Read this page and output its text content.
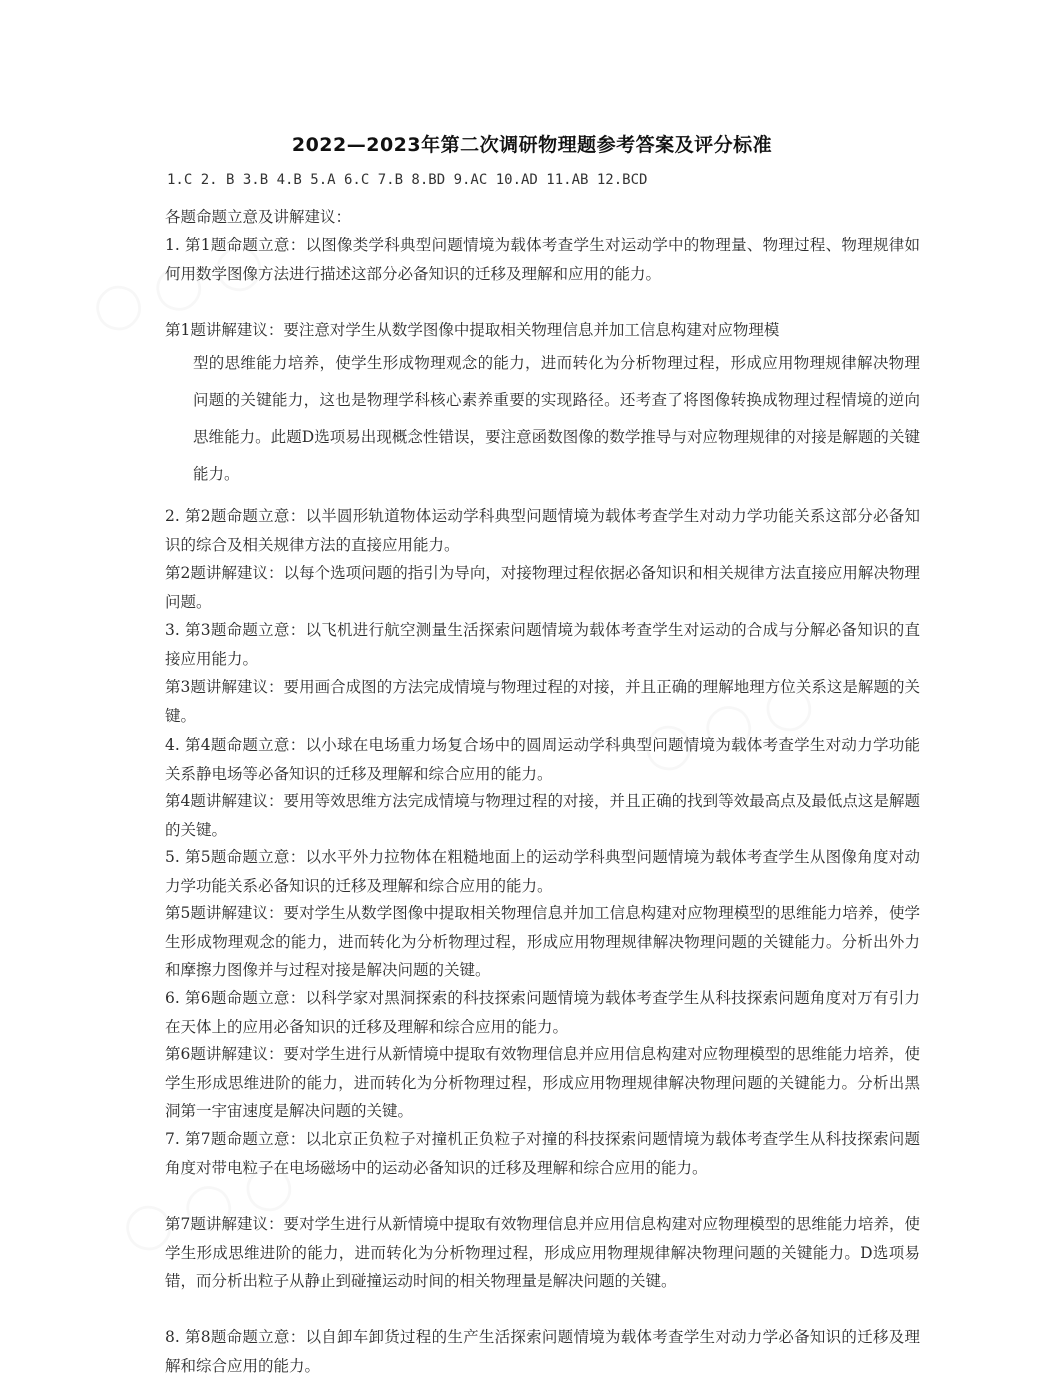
◯ ◯ ◯
◯ ◯ ◯
◯ ◯ ◯
2022—2023年第二次调研物理题参考答案及评分标准
1.C 2. B 3.B 4.B 5.A 6.C 7.B 8.BD 9.AC 10.AD 11.AB 12.BCD
各题命题立意及讲解建议：
1. 第1题命题立意：以图像类学科典型问题情境为载体考查学生对运动学中的物理量、物理过程、物理规律如何用数学图像方法进行描述这部分必备知识的迁移及理解和应用的能力。
第1题讲解建议：要注意对学生从数学图像中提取相关物理信息并加工信息构建对应物理模
型的思维能力培养，使学生形成物理观念的能力，进而转化为分析物理过程，形成应用物理规律解决物理问题的关键能力，这也是物理学科核心素养重要的实现路径。还考查了将图像转换成物理过程情境的逆向思维能力。此题D选项易出现概念性错误，要注意函数图像的数学推导与对应物理规律的对接是解题的关键能力。
2. 第2题命题立意：以半圆形轨道物体运动学科典型问题情境为载体考查学生对动力学功能关系这部分必备知识的综合及相关规律方法的直接应用能力。
第2题讲解建议：以每个选项问题的指引为导向，对接物理过程依据必备知识和相关规律方法直接应用解决物理问题。
3. 第3题命题立意：以飞机进行航空测量生活探索问题情境为载体考查学生对运动的合成与分解必备知识的直接应用能力。
第3题讲解建议：要用画合成图的方法完成情境与物理过程的对接，并且正确的理解地理方位关系这是解题的关键。
4. 第4题命题立意：以小球在电场重力场复合场中的圆周运动学科典型问题情境为载体考查学生对动力学功能关系静电场等必备知识的迁移及理解和综合应用的能力。
第4题讲解建议：要用等效思维方法完成情境与物理过程的对接，并且正确的找到等效最高点及最低点这是解题的关键。
5. 第5题命题立意：以水平外力拉物体在粗糙地面上的运动学科典型问题情境为载体考查学生从图像角度对动力学功能关系必备知识的迁移及理解和综合应用的能力。
第5题讲解建议：要对学生从数学图像中提取相关物理信息并加工信息构建对应物理模型的思维能力培养，使学生形成物理观念的能力，进而转化为分析物理过程，形成应用物理规律解决物理问题的关键能力。分析出外力和摩擦力图像并与过程对接是解决问题的关键。
6. 第6题命题立意：以科学家对黑洞探索的科技探索问题情境为载体考查学生从科技探索问题角度对万有引力在天体上的应用必备知识的迁移及理解和综合应用的能力。
第6题讲解建议：要对学生进行从新情境中提取有效物理信息并应用信息构建对应物理模型的思维能力培养，使学生形成思维进阶的能力，进而转化为分析物理过程，形成应用物理规律解决物理问题的关键能力。分析出黑洞第一宇宙速度是解决问题的关键。
7. 第7题命题立意：以北京正负粒子对撞机正负粒子对撞的科技探索问题情境为载体考查学生从科技探索问题角度对带电粒子在电场磁场中的运动必备知识的迁移及理解和综合应用的能力。
第7题讲解建议：要对学生进行从新情境中提取有效物理信息并应用信息构建对应物理模型的思维能力培养，使学生形成思维进阶的能力，进而转化为分析物理过程，形成应用物理规律解决物理问题的关键能力。D选项易错，而分析出粒子从静止到碰撞运动时间的相关物理量是解决问题的关键。
8. 第8题命题立意：以自卸车卸货过程的生产生活探索问题情境为载体考查学生对动力学必备知识的迁移及理解和综合应用的能力。
